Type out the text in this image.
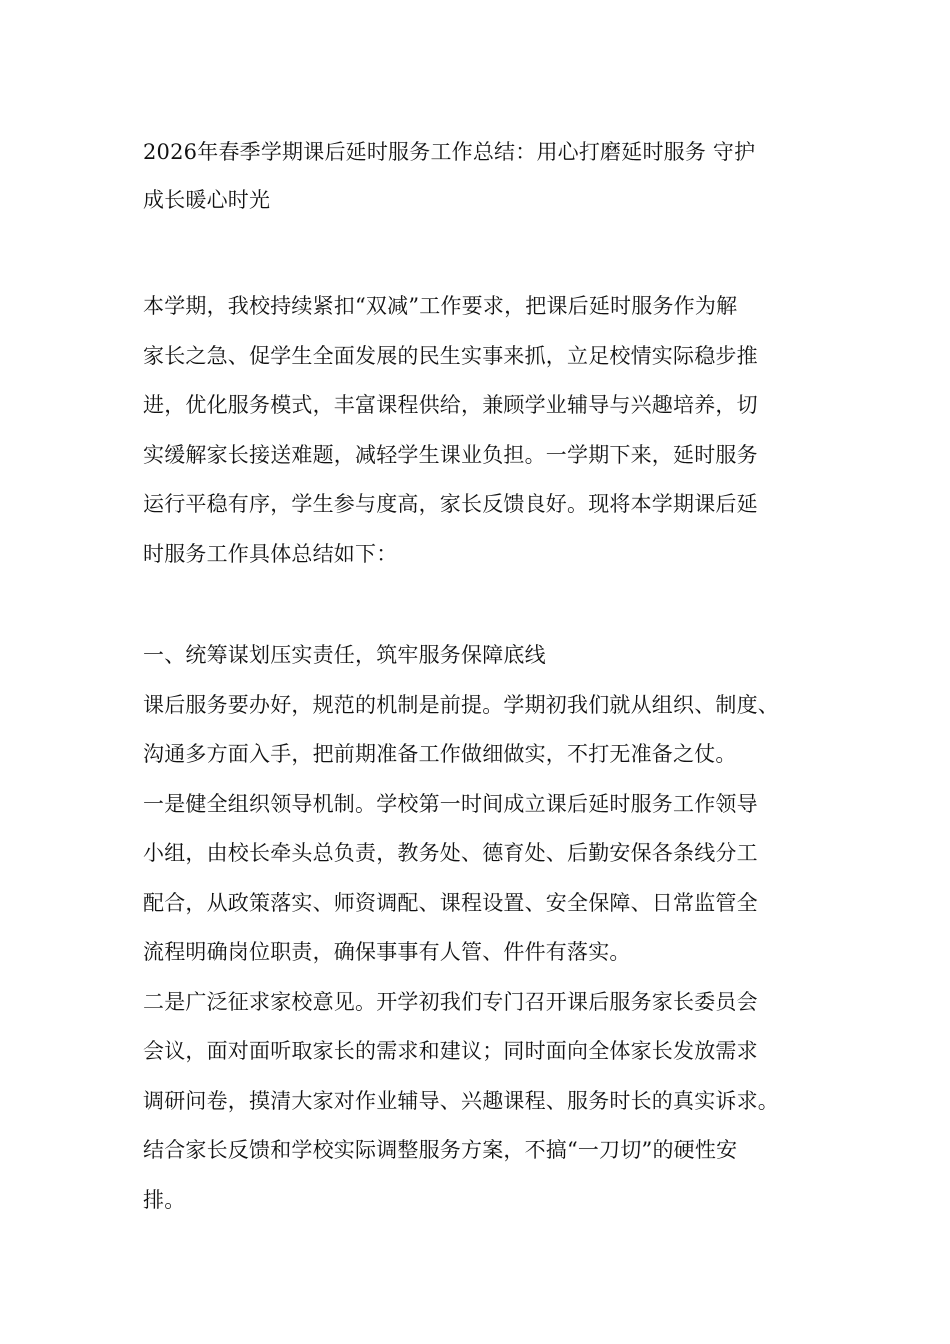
2026年春季学期课后延时服务工作总结：用心打磨延时服务 守护
成长暖心时光
本学期，我校持续紧扣“双减”工作要求，把课后延时服务作为解
家长之急、促学生全面发展的民生实事来抓，立足校情实际稳步推
进，优化服务模式，丰富课程供给，兼顾学业辅导与兴趣培养，切
实缓解家长接送难题，减轻学生课业负担。一学期下来，延时服务
运行平稳有序，学生参与度高，家长反馈良好。现将本学期课后延
时服务工作具体总结如下：
一、统筹谋划压实责任，筑牢服务保障底线
课后服务要办好，规范的机制是前提。学期初我们就从组织、制度、
沟通多方面入手，把前期准备工作做细做实，不打无准备之仗。
一是健全组织领导机制。学校第一时间成立课后延时服务工作领导
小组，由校长牵头总负责，教务处、德育处、后勤安保各条线分工
配合，从政策落实、师资调配、课程设置、安全保障、日常监管全
流程明确岗位职责，确保事事有人管、件件有落实。
二是广泛征求家校意见。开学初我们专门召开课后服务家长委员会
会议，面对面听取家长的需求和建议；同时面向全体家长发放需求
调研问卷，摸清大家对作业辅导、兴趣课程、服务时长的真实诉求。
结合家长反馈和学校实际调整服务方案，不搞“一刀切”的硬性安
排。
